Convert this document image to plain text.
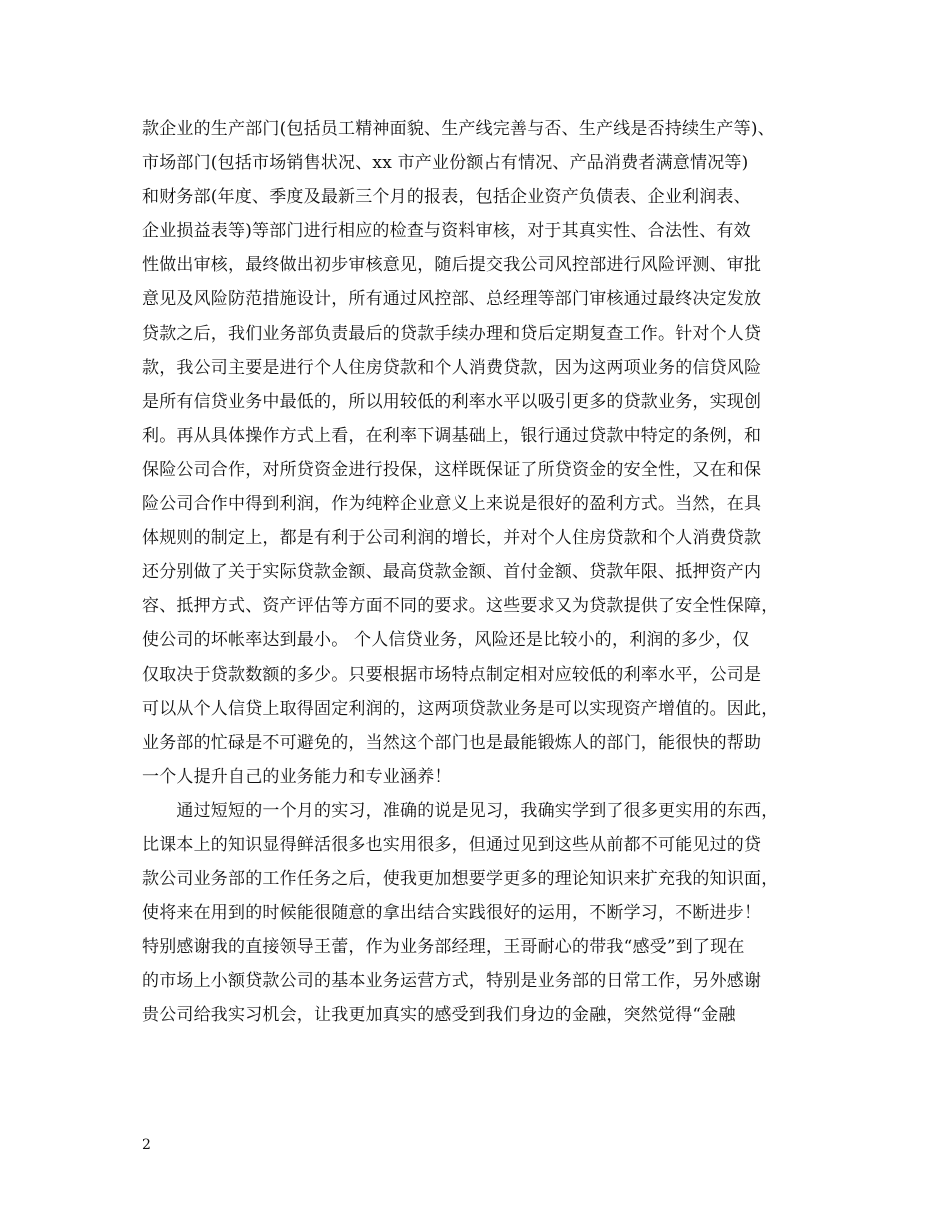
款企业的生产部门(包括员工精神面貌、生产线完善与否、生产线是否持续生产等)、
市场部门(包括市场销售状况、xx 市产业份额占有情况、产品消费者满意情况等)
和财务部(年度、季度及最新三个月的报表，包括企业资产负债表、企业利润表、
企业损益表等)等部门进行相应的检查与资料审核，对于其真实性、合法性、有效
性做出审核，最终做出初步审核意见，随后提交我公司风控部进行风险评测、审批
意见及风险防范措施设计，所有通过风控部、总经理等部门审核通过最终决定发放
贷款之后，我们业务部负责最后的贷款手续办理和贷后定期复查工作。针对个人贷
款，我公司主要是进行个人住房贷款和个人消费贷款，因为这两项业务的信贷风险
是所有信贷业务中最低的，所以用较低的利率水平以吸引更多的贷款业务，实现创
利。再从具体操作方式上看，在利率下调基础上，银行通过贷款中特定的条例，和
保险公司合作，对所贷资金进行投保，这样既保证了所贷资金的安全性，又在和保
险公司合作中得到利润，作为纯粹企业意义上来说是很好的盈利方式。当然，在具
体规则的制定上，都是有利于公司利润的增长，并对个人住房贷款和个人消费贷款
还分别做了关于实际贷款金额、最高贷款金额、首付金额、贷款年限、抵押资产内
容、抵押方式、资产评估等方面不同的要求。这些要求又为贷款提供了安全性保障，
使公司的坏帐率达到最小。 个人信贷业务，风险还是比较小的，利润的多少，仅
仅取决于贷款数额的多少。只要根据市场特点制定相对应较低的利率水平，公司是
可以从个人信贷上取得固定利润的，这两项贷款业务是可以实现资产增值的。因此，
业务部的忙碌是不可避免的，当然这个部门也是最能锻炼人的部门，能很快的帮助
一个人提升自己的业务能力和专业涵养！
　　通过短短的一个月的实习，准确的说是见习，我确实学到了很多更实用的东西，
比课本上的知识显得鲜活很多也实用很多，但通过见到这些从前都不可能见过的贷
款公司业务部的工作任务之后，使我更加想要学更多的理论知识来扩充我的知识面，
使将来在用到的时候能很随意的拿出结合实践很好的运用，不断学习，不断进步！
特别感谢我的直接领导王蕾，作为业务部经理，王哥耐心的带我“感受”到了现在
的市场上小额贷款公司的基本业务运营方式，特别是业务部的日常工作，另外感谢
贵公司给我实习机会，让我更加真实的感受到我们身边的金融，突然觉得“金融
2
